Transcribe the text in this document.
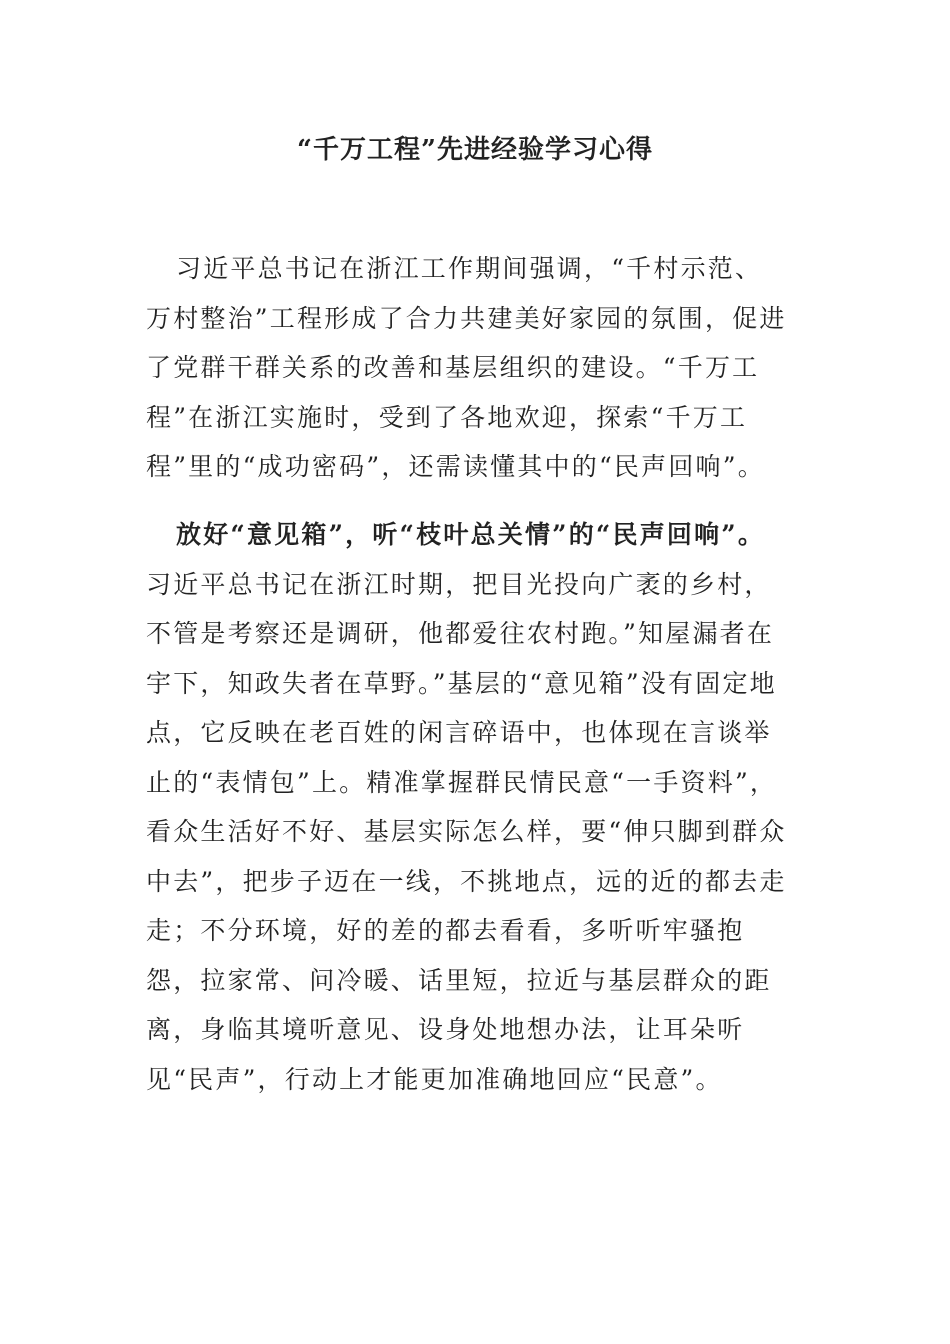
“千万工程”先进经验学习心得

习近平总书记在浙江工作期间强调，“千村示范、万村整治”工程形成了合力共建美好家园的氛围，促进了党群干群关系的改善和基层组织的建设。“千万工程”在浙江实施时，受到了各地欢迎，探索“千万工程”里的“成功密码”，还需读懂其中的“民声回响”。

放好“意见箱”，听“枝叶总关情”的“民声回响”。习近平总书记在浙江时期，把目光投向广袤的乡村，不管是考察还是调研，他都爱往农村跑。”知屋漏者在宇下，知政失者在草野。”基层的“意见箱”没有固定地点，它反映在老百姓的闲言碎语中，也体现在言谈举止的“表情包”上。精准掌握群民情民意“一手资料”，看众生活好不好、基层实际怎么样，要“伸只脚到群众中去”，把步子迈在一线，不挑地点，远的近的都去走走；不分环境，好的差的都去看看，多听听牢骚抱怨，拉家常、问冷暖、话里短，拉近与基层群众的距离，身临其境听意见、设身处地想办法，让耳朵听见“民声”，行动上才能更加准确地回应“民意”。
